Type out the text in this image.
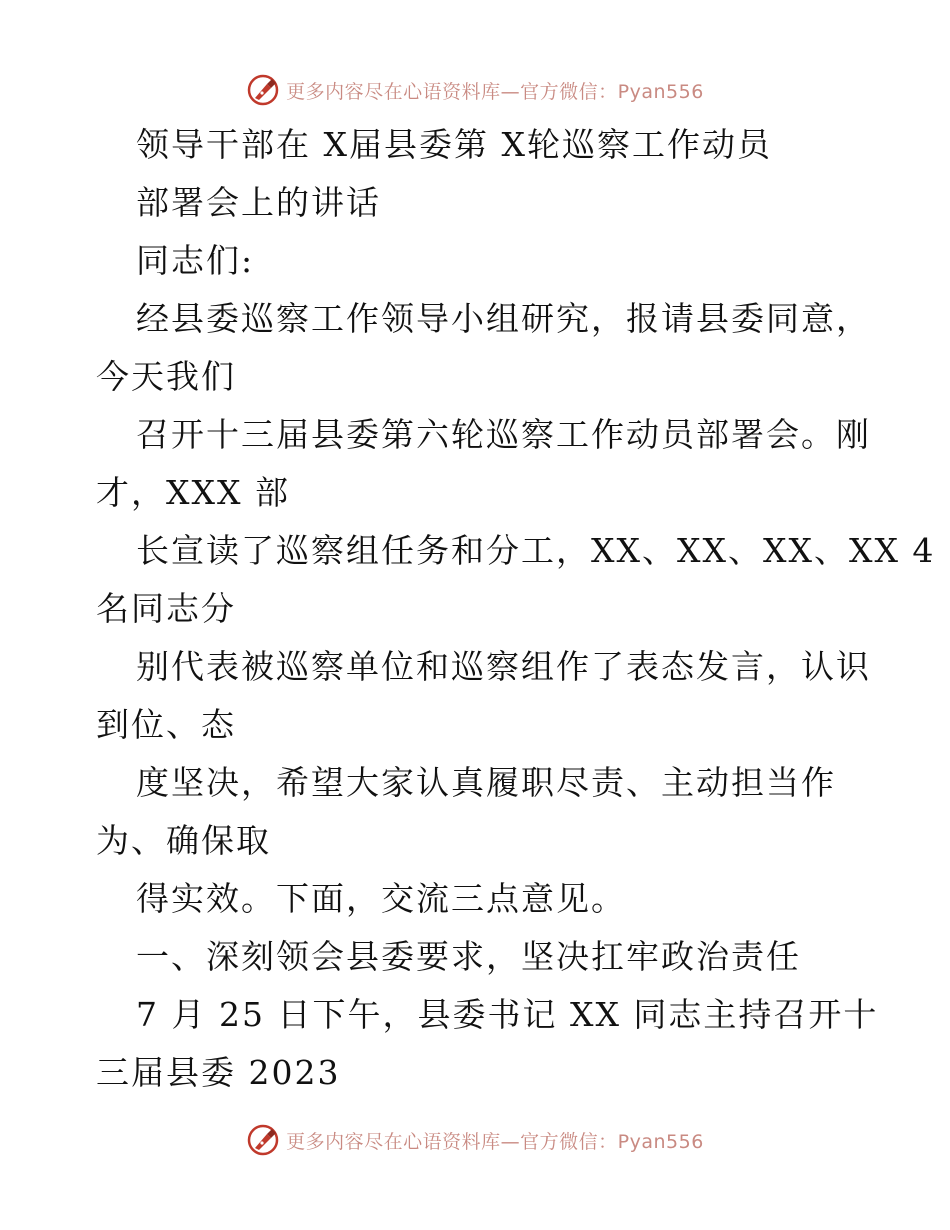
更多内容尽在心语资料库—官方微信：Pyan556
领导干部在 X届县委第 X轮巡察工作动员
部署会上的讲话
同志们:
经县委巡察工作领导小组研究，报请县委同意，
今天我们
召开十三届县委第六轮巡察工作动员部署会。刚
才，XXX 部
长宣读了巡察组任务和分工，XX、XX、XX、XX 4
名同志分
别代表被巡察单位和巡察组作了表态发言，认识
到位、态
度坚决，希望大家认真履职尽责、主动担当作
为、确保取
得实效。下面，交流三点意见。
一、深刻领会县委要求，坚决扛牢政治责任
7 月 25 日下午，县委书记 XX 同志主持召开十
三届县委 2023
更多内容尽在心语资料库—官方微信：Pyan556
